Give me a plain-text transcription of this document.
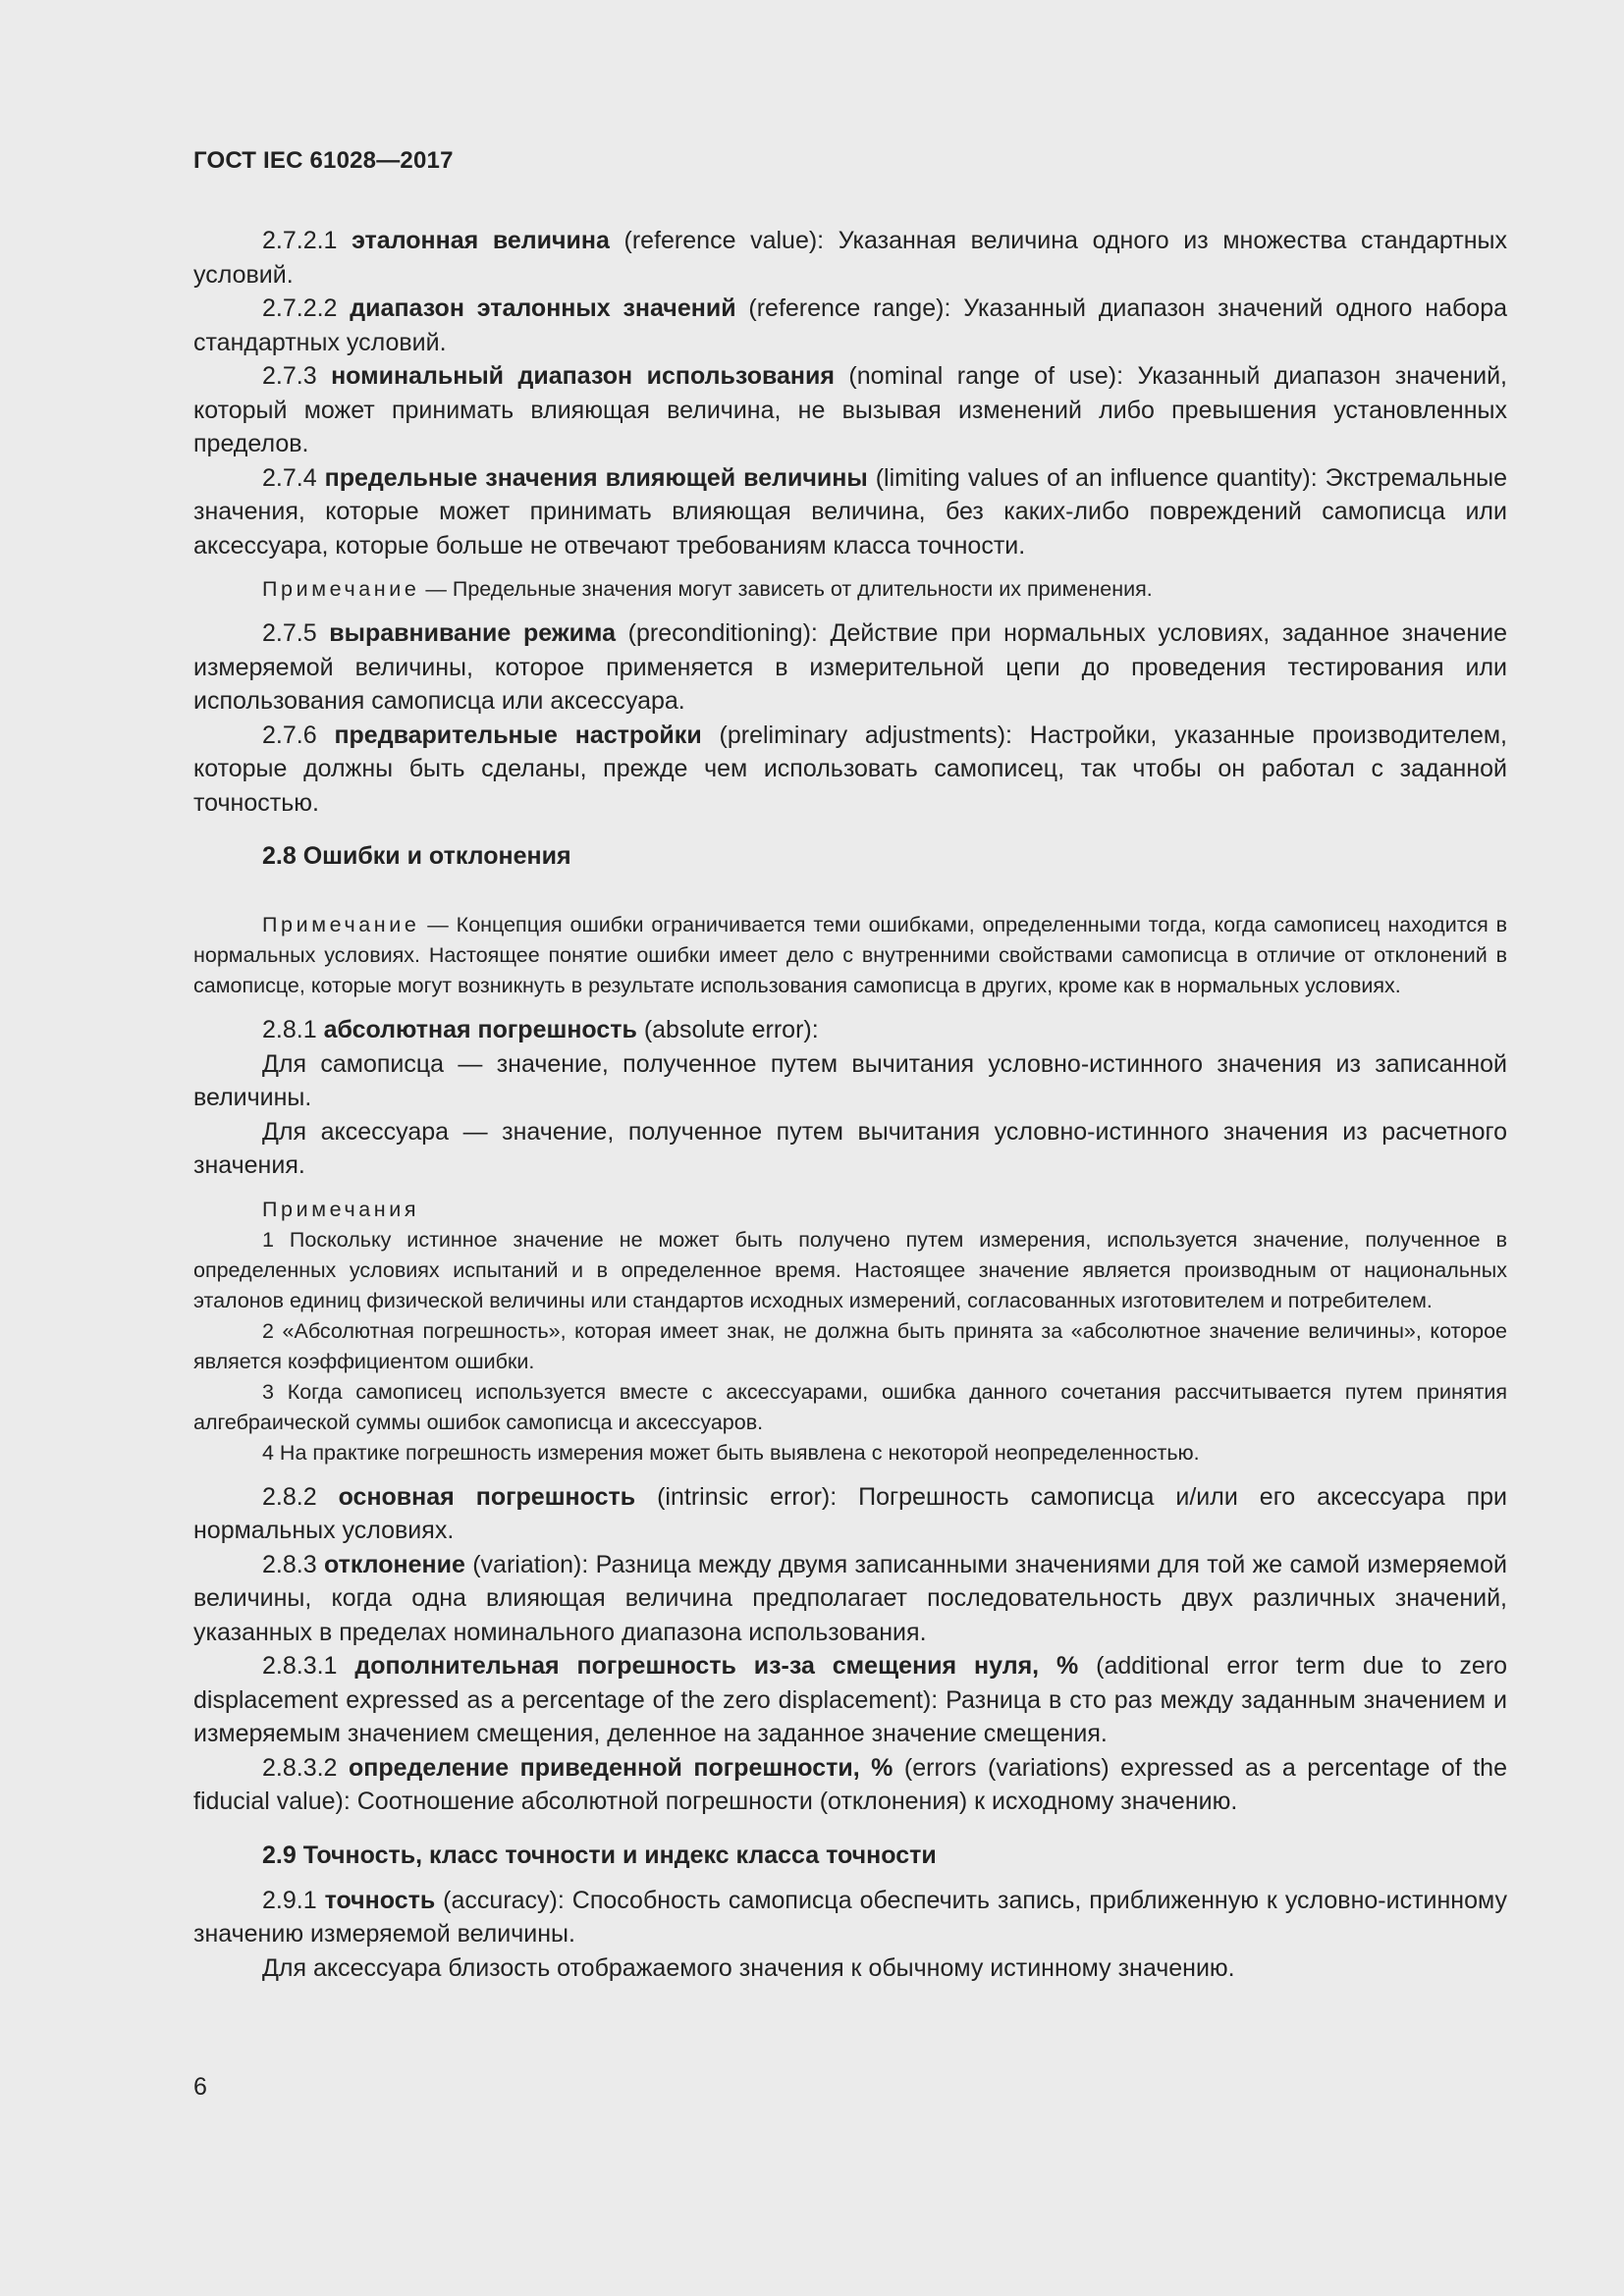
ГОСТ IEC 61028—2017

2.7.2.1 эталонная величина (reference value): Указанная величина одного из множества стандартных условий.

2.7.2.2 диапазон эталонных значений (reference range): Указанный диапазон значений одного набора стандартных условий.

2.7.3 номинальный диапазон использования (nominal range of use): Указанный диапазон значений, который может принимать влияющая величина, не вызывая изменений либо превышения установленных пределов.

2.7.4 предельные значения влияющей величины (limiting values of an influence quantity): Экстремальные значения, которые может принимать влияющая величина, без каких-либо повреждений самописца или аксессуара, которые больше не отвечают требованиям класса точности.

Примечание — Предельные значения могут зависеть от длительности их применения.

2.7.5 выравнивание режима (preconditioning): Действие при нормальных условиях, заданное значение измеряемой величины, которое применяется в измерительной цепи до проведения тестирования или использования самописца или аксессуара.

2.7.6 предварительные настройки (preliminary adjustments): Настройки, указанные производителем, которые должны быть сделаны, прежде чем использовать самописец, так чтобы он работал с заданной точностью.

2.8 Ошибки и отклонения

Примечание — Концепция ошибки ограничивается теми ошибками, определенными тогда, когда самописец находится в нормальных условиях. Настоящее понятие ошибки имеет дело с внутренними свойствами самописца в отличие от отклонений в самописце, которые могут возникнуть в результате использования самописца в других, кроме как в нормальных условиях.

2.8.1 абсолютная погрешность (absolute error):

Для самописца — значение, полученное путем вычитания условно-истинного значения из записанной величины.

Для аксессуара — значение, полученное путем вычитания условно-истинного значения из расчетного значения.

Примечания

1 Поскольку истинное значение не может быть получено путем измерения, используется значение, полученное в определенных условиях испытаний и в определенное время. Настоящее значение является производным от национальных эталонов единиц физической величины или стандартов исходных измерений, согласованных изготовителем и потребителем.

2 «Абсолютная погрешность», которая имеет знак, не должна быть принята за «абсолютное значение величины», которое является коэффициентом ошибки.

3 Когда самописец используется вместе с аксессуарами, ошибка данного сочетания рассчитывается путем принятия алгебраической суммы ошибок самописца и аксессуаров.

4 На практике погрешность измерения может быть выявлена с некоторой неопределенностью.

2.8.2 основная погрешность (intrinsic error): Погрешность самописца и/или его аксессуара при нормальных условиях.

2.8.3 отклонение (variation): Разница между двумя записанными значениями для той же самой измеряемой величины, когда одна влияющая величина предполагает последовательность двух различных значений, указанных в пределах номинального диапазона использования.

2.8.3.1 дополнительная погрешность из-за смещения нуля, % (additional error term due to zero displacement expressed as a percentage of the zero displacement): Разница в сто раз между заданным значением и измеряемым значением смещения, деленное на заданное значение смещения.

2.8.3.2 определение приведенной погрешности, % (errors (variations) expressed as a percentage of the fiducial value): Соотношение абсолютной погрешности (отклонения) к исходному значению.

2.9 Точность, класс точности и индекс класса точности

2.9.1 точность (accuracy): Способность самописца обеспечить запись, приближенную к условно-истинному значению измеряемой величины.

Для аксессуара близость отображаемого значения к обычному истинному значению.

6
